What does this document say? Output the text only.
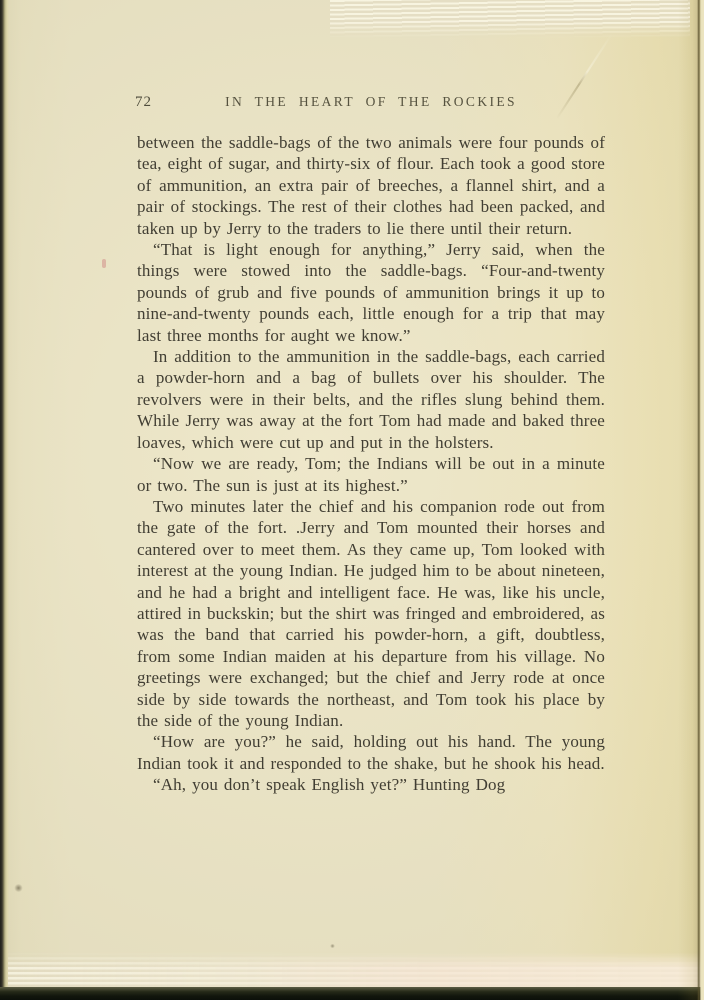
72	IN THE HEART OF THE ROCKIES

between the saddle-bags of the two animals were four pounds of tea, eight of sugar, and thirty-six of flour. Each took a good store of ammunition, an extra pair of breeches, a flannel shirt, and a pair of stockings. The rest of their clothes had been packed, and taken up by Jerry to the traders to lie there until their return.

“That is light enough for anything,” Jerry said, when the things were stowed into the saddle-bags. “Four-and-twenty pounds of grub and five pounds of ammunition brings it up to nine-and-twenty pounds each, little enough for a trip that may last three months for aught we know.”

In addition to the ammunition in the saddle-bags, each carried a powder-horn and a bag of bullets over his shoulder. The revolvers were in their belts, and the rifles slung behind them. While Jerry was away at the fort Tom had made and baked three loaves, which were cut up and put in the holsters.

“Now we are ready, Tom; the Indians will be out in a minute or two. The sun is just at its highest.”

Two minutes later the chief and his companion rode out from the gate of the fort. .Jerry and Tom mounted their horses and cantered over to meet them. As they came up, Tom looked with interest at the young Indian. He judged him to be about nineteen, and he had a bright and intelligent face. He was, like his uncle, attired in buckskin; but the shirt was fringed and embroidered, as was the band that carried his powder-horn, a gift, doubtless, from some Indian maiden at his departure from his village. No greetings were exchanged; but the chief and Jerry rode at once side by side towards the northeast, and Tom took his place by the side of the young Indian.

“How are you?” he said, holding out his hand. The young Indian took it and responded to the shake, but he shook his head.

“Ah, you don’t speak English yet?” Hunting Dog
